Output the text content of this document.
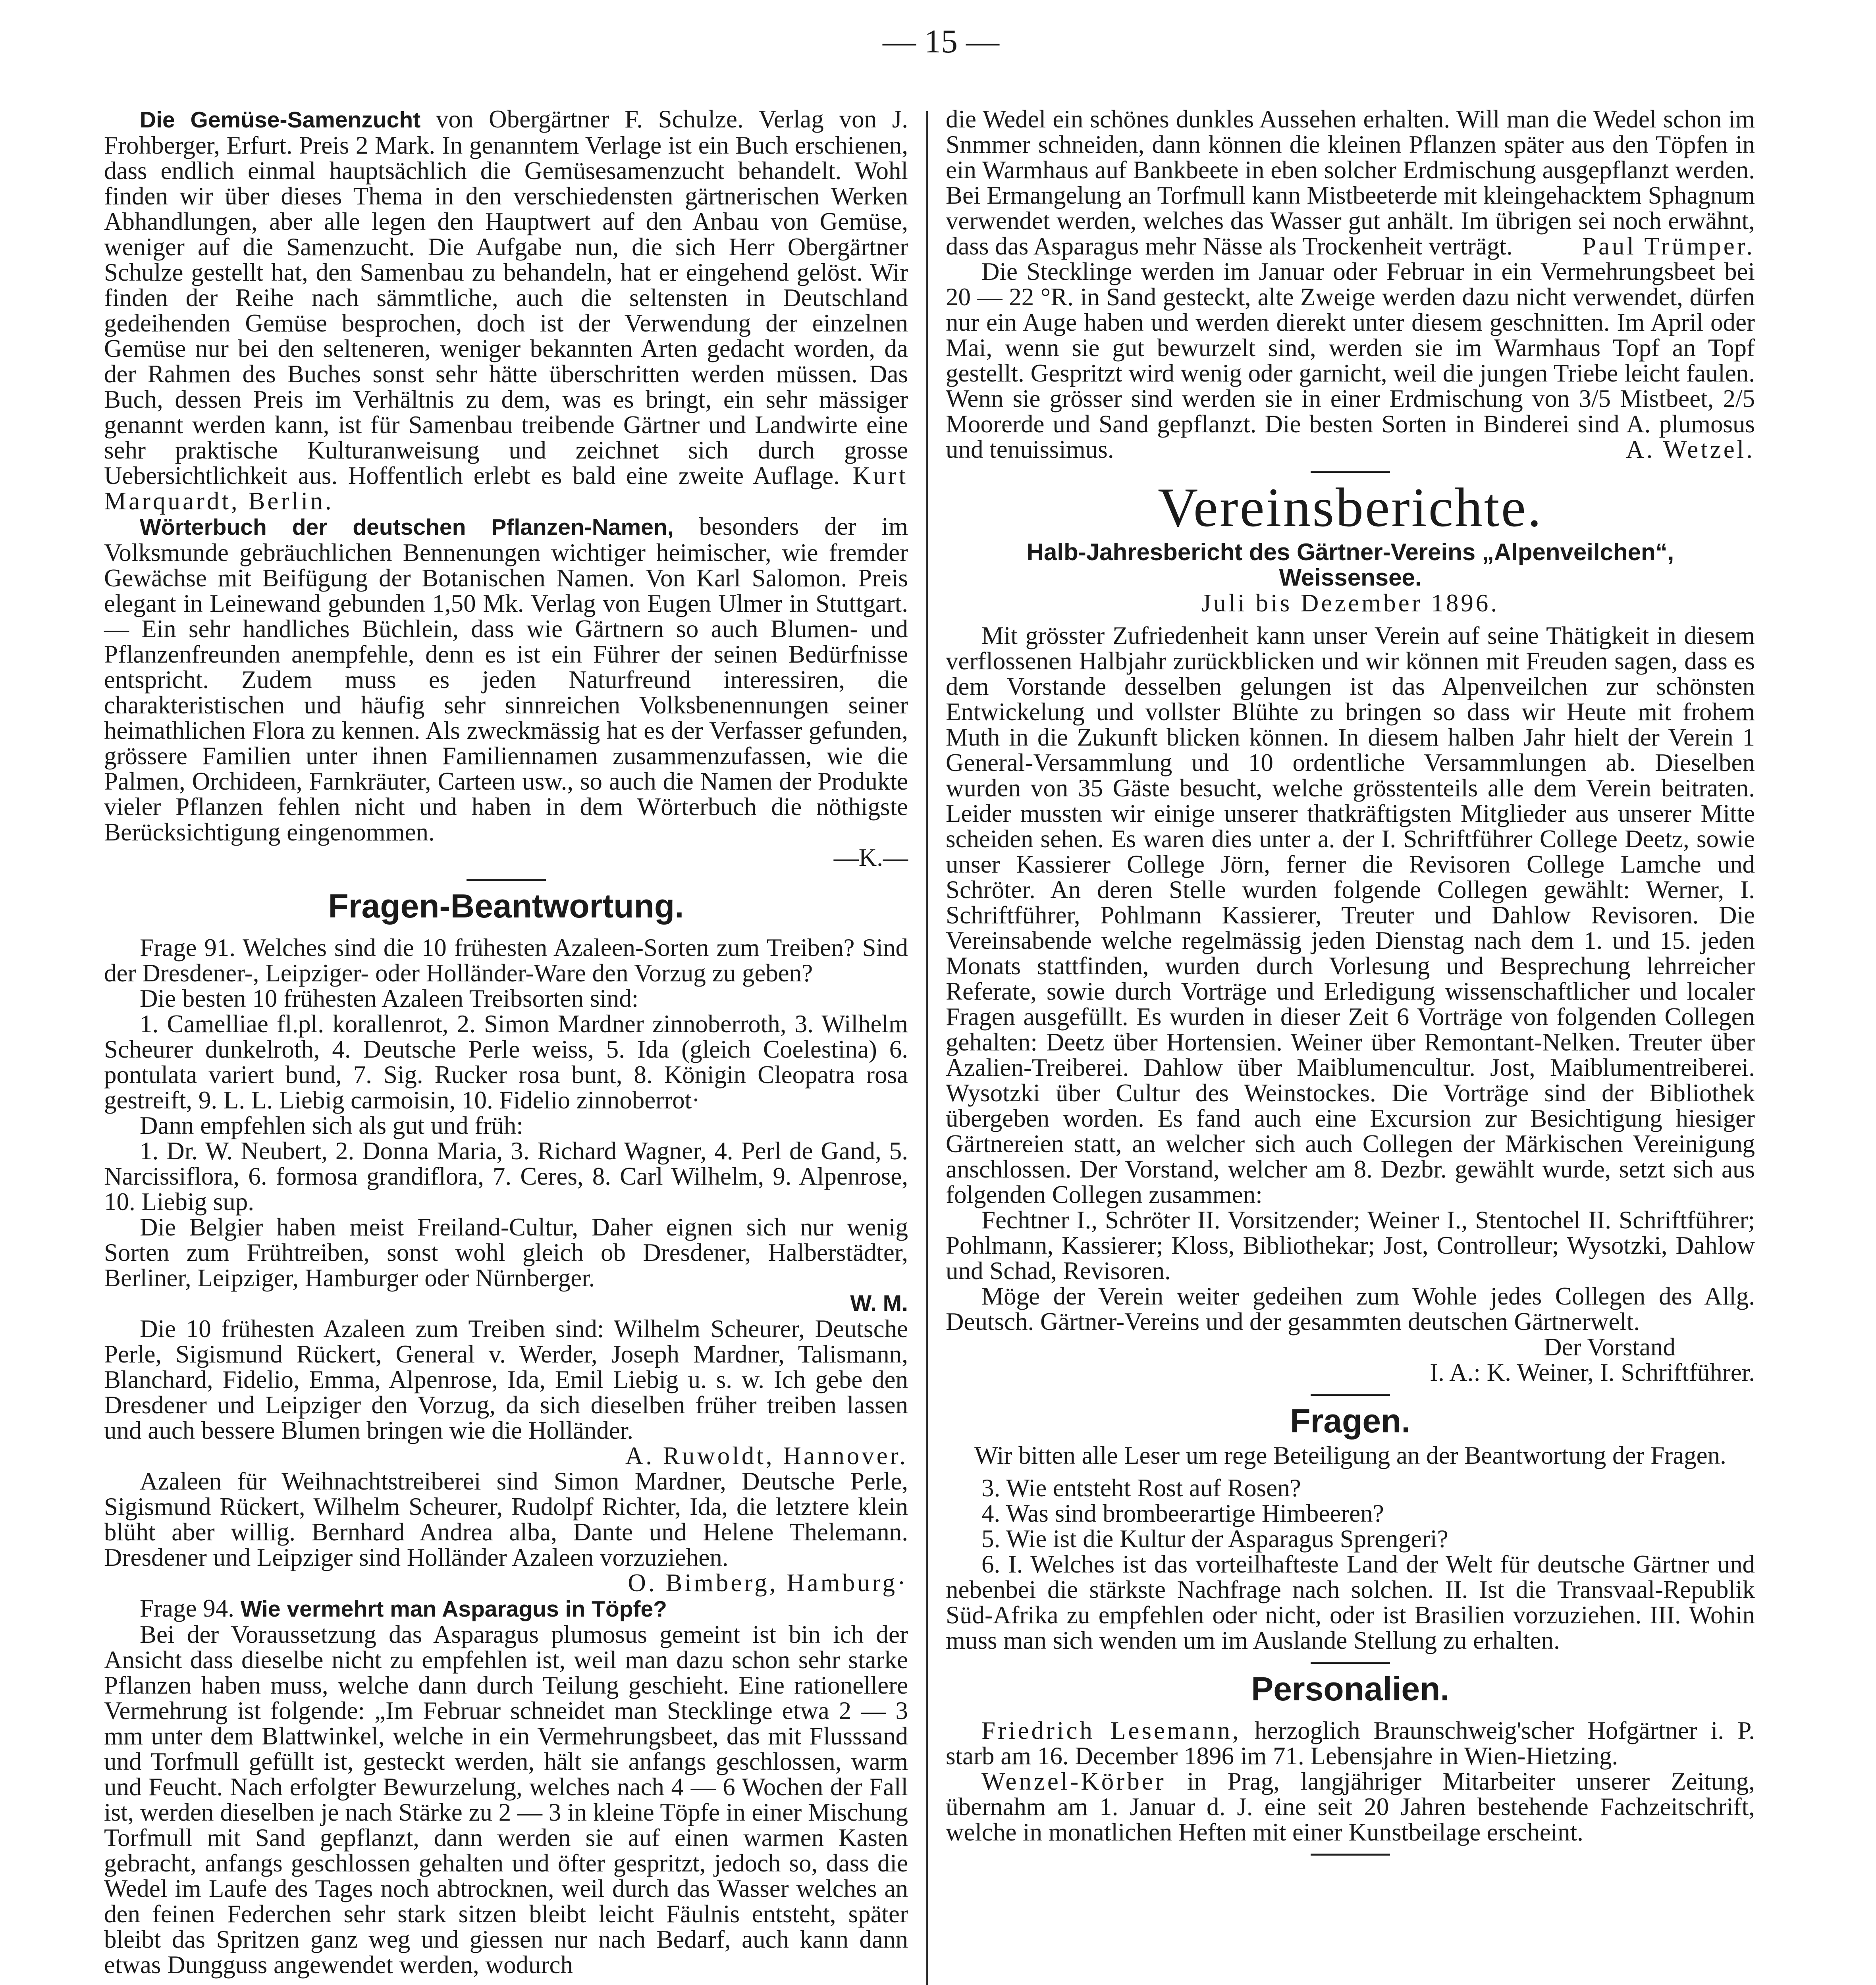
— 15 —

Die Gemüse-Samenzucht von Obergärtner F. Schulze. Verlag von J. Frohberger, Erfurt. Preis 2 Mark. In genanntem Verlage ist ein Buch erschienen, dass endlich einmal hauptsächlich die Gemüsesamenzucht behandelt. Wohl finden wir über dieses Thema in den verschiedensten gärtnerischen Werken Abhandlungen, aber alle legen den Hauptwert auf den Anbau von Gemüse, weniger auf die Samenzucht. Die Aufgabe nun, die sich Herr Obergärtner Schulze gestellt hat, den Samenbau zu behandeln, hat er eingehend gelöst. Wir finden der Reihe nach sämmtliche, auch die seltensten in Deutschland gedeihenden Gemüse besprochen, doch ist der Verwendung der einzelnen Gemüse nur bei den selteneren, weniger bekannten Arten gedacht worden, da der Rahmen des Buches sonst sehr hätte überschritten werden müssen. Das Buch, dessen Preis im Verhältnis zu dem, was es bringt, ein sehr mässiger genannt werden kann, ist für Samenbau treibende Gärtner und Landwirte eine sehr praktische Kulturanweisung und zeichnet sich durch grosse Uebersichtlichkeit aus. Hoffentlich erlebt es bald eine zweite Auflage. Kurt Marquardt, Berlin.

Wörterbuch der deutschen Pflanzen-Namen, besonders der im Volksmunde gebräuchlichen Bennenungen wichtiger heimischer, wie fremder Gewächse mit Beifügung der Botanischen Namen. Von Karl Salomon. Preis elegant in Leinewand gebunden 1,50 Mk. Verlag von Eugen Ulmer in Stuttgart. — Ein sehr handliches Büchlein, dass wie Gärtnern so auch Blumen- und Pflanzenfreunden anempfehle, denn es ist ein Führer der seinen Bedürfnisse entspricht. Zudem muss es jeden Naturfreund interessiren, die charakteristischen und häufig sehr sinnreichen Volksbenennungen seiner heimathlichen Flora zu kennen. Als zweckmässig hat es der Verfasser gefunden, grössere Familien unter ihnen Familiennamen zusammenzufassen, wie die Palmen, Orchideen, Farnkräuter, Carteen usw., so auch die Namen der Produkte vieler Pflanzen fehlen nicht und haben in dem Wörterbuch die nöthigste Berücksichtigung eingenommen.

—K.—

Fragen-Beantwortung.

Frage 91. Welches sind die 10 frühesten Azaleen-Sorten zum Treiben? Sind der Dresdener-, Leipziger- oder Holländer-Ware den Vorzug zu geben?

Die besten 10 frühesten Azaleen Treibsorten sind:

1. Camelliae fl.pl. korallenrot, 2. Simon Mardner zinnoberroth, 3. Wilhelm Scheurer dunkelroth, 4. Deutsche Perle weiss, 5. Ida (gleich Coelestina) 6. pontulata variert bund, 7. Sig. Rucker rosa bunt, 8. Königin Cleopatra rosa gestreift, 9. L. L. Liebig carmoisin, 10. Fidelio zinnoberrot·

Dann empfehlen sich als gut und früh:

1. Dr. W. Neubert, 2. Donna Maria, 3. Richard Wagner, 4. Perl de Gand, 5. Narcissiflora, 6. formosa grandiflora, 7. Ceres, 8. Carl Wilhelm, 9. Alpenrose, 10. Liebig sup.

Die Belgier haben meist Freiland-Cultur, Daher eignen sich nur wenig Sorten zum Frühtreiben, sonst wohl gleich ob Dresdener, Halberstädter, Berliner, Leipziger, Hamburger oder Nürnberger.

W. M.

Die 10 frühesten Azaleen zum Treiben sind: Wilhelm Scheurer, Deutsche Perle, Sigismund Rückert, General v. Werder, Joseph Mardner, Talismann, Blanchard, Fidelio, Emma, Alpenrose, Ida, Emil Liebig u. s. w. Ich gebe den Dresdener und Leipziger den Vorzug, da sich dieselben früher treiben lassen und auch bessere Blumen bringen wie die Holländer.

A. Ruwoldt, Hannover.

Azaleen für Weihnachtstreiberei sind Simon Mardner, Deutsche Perle, Sigismund Rückert, Wilhelm Scheurer, Rudolpf Richter, Ida, die letztere klein blüht aber willig. Bernhard Andrea alba, Dante und Helene Thelemann. Dresdener und Leipziger sind Holländer Azaleen vorzuziehen.

O. Bimberg, Hamburg·

Frage 94. Wie vermehrt man Asparagus in Töpfe?

Bei der Voraussetzung das Asparagus plumosus gemeint ist bin ich der Ansicht dass dieselbe nicht zu empfehlen ist, weil man dazu schon sehr starke Pflanzen haben muss, welche dann durch Teilung geschieht. Eine rationellere Vermehrung ist folgende: „Im Februar schneidet man Stecklinge etwa 2 — 3 mm unter dem Blattwinkel, welche in ein Vermehrungsbeet, das mit Flusssand und Torfmull gefüllt ist, gesteckt werden, hält sie anfangs geschlossen, warm und Feucht. Nach erfolgter Bewurzelung, welches nach 4 — 6 Wochen der Fall ist, werden dieselben je nach Stärke zu 2 — 3 in kleine Töpfe in einer Mischung Torfmull mit Sand gepflanzt, dann werden sie auf einen warmen Kasten gebracht, anfangs geschlossen gehalten und öfter gespritzt, jedoch so, dass die Wedel im Laufe des Tages noch abtrocknen, weil durch das Wasser welches an den feinen Federchen sehr stark sitzen bleibt leicht Fäulnis entsteht, später bleibt das Spritzen ganz weg und giessen nur nach Bedarf, auch kann dann etwas Dungguss angewendet werden, wodurch

die Wedel ein schönes dunkles Aussehen erhalten. Will man die Wedel schon im Snmmer schneiden, dann können die kleinen Pflanzen später aus den Töpfen in ein Warmhaus auf Bankbeete in eben solcher Erdmischung ausgepflanzt werden. Bei Ermangelung an Torfmull kann Mistbeeterde mit kleingehacktem Sphagnum verwendet werden, welches das Wasser gut anhält. Im übrigen sei noch erwähnt, dass das Asparagus mehr Nässe als Trockenheit verträgt.	Paul Trümper.

Die Stecklinge werden im Januar oder Februar in ein Vermehrungsbeet bei 20 — 22 °R. in Sand gesteckt, alte Zweige werden dazu nicht verwendet, dürfen nur ein Auge haben und werden dierekt unter diesem geschnitten. Im April oder Mai, wenn sie gut bewurzelt sind, werden sie im Warmhaus Topf an Topf gestellt. Gespritzt wird wenig oder garnicht, weil die jungen Triebe leicht faulen. Wenn sie grösser sind werden sie in einer Erdmischung von 3/5 Mistbeet, 2/5 Moorerde und Sand gepflanzt. Die besten Sorten in Binderei sind A. plumosus und tenuissimus.	A. Wetzel.

Vereinsberichte.

Halb-Jahresbericht des Gärtner-Vereins „Alpenveilchen“,

Weissensee.

Juli bis Dezember 1896.

Mit grösster Zufriedenheit kann unser Verein auf seine Thätigkeit in diesem verflossenen Halbjahr zurückblicken und wir können mit Freuden sagen, dass es dem Vorstande desselben gelungen ist das Alpenveilchen zur schönsten Entwickelung und vollster Blühte zu bringen so dass wir Heute mit frohem Muth in die Zukunft blicken können. In diesem halben Jahr hielt der Verein 1 General-Versammlung und 10 ordentliche Versammlungen ab. Dieselben wurden von 35 Gäste besucht, welche grösstenteils alle dem Verein beitraten. Leider mussten wir einige unserer thatkräftigsten Mitglieder aus unserer Mitte scheiden sehen. Es waren dies unter a. der I. Schriftführer College Deetz, sowie unser Kassierer College Jörn, ferner die Revisoren College Lamche und Schröter. An deren Stelle wurden folgende Collegen gewählt: Werner, I. Schriftführer, Pohlmann Kassierer, Treuter und Dahlow Revisoren. Die Vereinsabende welche regelmässig jeden Dienstag nach dem 1. und 15. jeden Monats stattfinden, wurden durch Vorlesung und Besprechung lehrreicher Referate, sowie durch Vorträge und Erledigung wissenschaftlicher und localer Fragen ausgefüllt. Es wurden in dieser Zeit 6 Vorträge von folgenden Collegen gehalten: Deetz über Hortensien. Weiner über Remontant-Nelken. Treuter über Azalien-Treiberei. Dahlow über Maiblumencultur. Jost, Maiblumentreiberei. Wysotzki über Cultur des Weinstockes. Die Vorträge sind der Bibliothek übergeben worden. Es fand auch eine Excursion zur Besichtigung hiesiger Gärtnereien statt, an welcher sich auch Collegen der Märkischen Vereinigung anschlossen. Der Vorstand, welcher am 8. Dezbr. gewählt wurde, setzt sich aus folgenden Collegen zusammen:

Fechtner I., Schröter II. Vorsitzender; Weiner I., Stentochel II. Schriftführer; Pohlmann, Kassierer; Kloss, Bibliothekar; Jost, Controlleur; Wysotzki, Dahlow und Schad, Revisoren.

Möge der Verein weiter gedeihen zum Wohle jedes Collegen des Allg. Deutsch. Gärtner-Vereins und der gesammten deutschen Gärtnerwelt.
Der Vorstand

I. A.: K. Weiner, I. Schriftführer.

Fragen.

Wir bitten alle Leser um rege Beteiligung an der Beantwortung der Fragen.

3. Wie entsteht Rost auf Rosen?

4. Was sind brombeerartige Himbeeren?

5. Wie ist die Kultur der Asparagus Sprengeri?

6. I. Welches ist das vorteilhafteste Land der Welt für deutsche Gärtner und nebenbei die stärkste Nachfrage nach solchen. II. Ist die Transvaal-Republik Süd-Afrika zu empfehlen oder nicht, oder ist Brasilien vorzuziehen. III. Wohin muss man sich wenden um im Auslande Stellung zu erhalten.

Personalien.

Friedrich Lesemann, herzoglich Braunschweig'scher Hofgärtner i. P. starb am 16. December 1896 im 71. Lebensjahre in Wien-Hietzing.

Wenzel-Körber in Prag, langjähriger Mitarbeiter unserer Zeitung, übernahm am 1. Januar d. J. eine seit 20 Jahren bestehende Fachzeitschrift, welche in monatlichen Heften mit einer Kunstbeilage erscheint.
